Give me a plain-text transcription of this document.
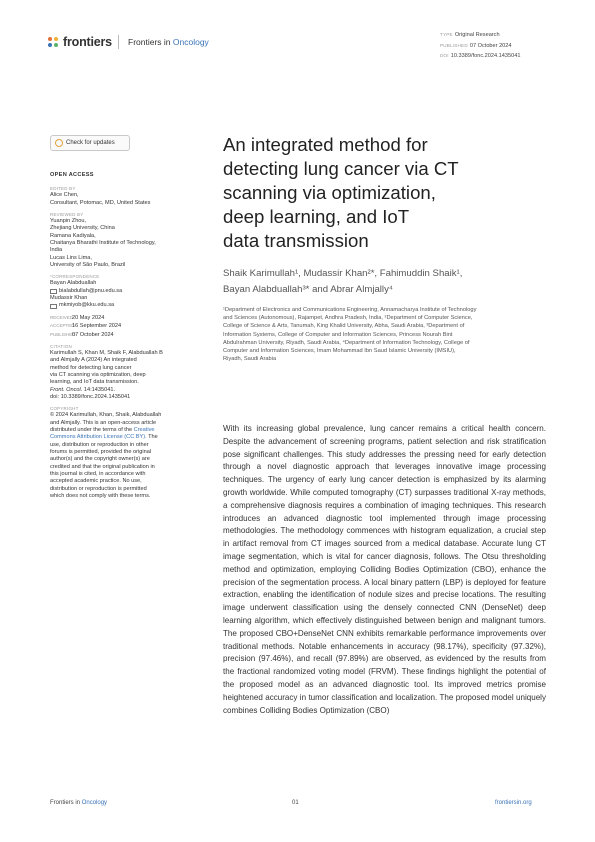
frontiers Frontiers in Oncology
TYPE Original Research
PUBLISHED 07 October 2024
DOI 10.3389/fonc.2024.1435041
Check for updates
OPEN ACCESS
EDITED BY
Alice Chen,
Consultant, Potomac, MD, United States
REVIEWED BY
Yuanpin Zhou,
Zhejiang University, China
Ramana Kadiyala,
Chaitanya Bharathi Institute of Technology,
India
Lucas Lins Lima,
University of São Paulo, Brazil
*CORRESPONDENCE
Bayan Alabduallah
bialabdullah@pnu.edu.sa
Mudassir Khan
mkmiyob@kku.edu.sa
RECEIVED20 May 2024
ACCEPTED16 September 2024
PUBLISHED07 October 2024
CITATION
Karimullah S, Khan M, Shaik F, Alabduallah B
and Almjally A (2024) An integrated
method for detecting lung cancer
via CT scanning via optimization, deep
learning, and IoT data transmission.
Front. Oncol. 14:1435041.
doi: 10.3389/fonc.2024.1435041
COPYRIGHT
© 2024 Karimullah, Khan, Shaik, Alabduallah
and Almjally. This is an open-access article
distributed under the terms of the Creative
Commons Attribution License (CC BY). The
use, distribution or reproduction in other
forums is permitted, provided the original
author(s) and the copyright owner(s) are
credited and that the original publication in
this journal is cited, in accordance with
accepted academic practice. No use,
distribution or reproduction is permitted
which does not comply with these terms.
An integrated method for
detecting lung cancer via CT
scanning via optimization,
deep learning, and IoT
data transmission
Shaik Karimullah¹, Mudassir Khan²*, Fahimuddin Shaik¹,
Bayan Alabduallah³* and Abrar Almjally⁴
¹Department of Electronics and Communications Engineering, Annamacharya Institute of Technology
and Sciences (Autonomous), Rajampet, Andhra Pradesh, India, ²Department of Computer Science,
College of Science & Arts, Tanumah, King Khalid University, Abha, Saudi Arabia, ³Department of
Information Systems, College of Computer and Information Sciences, Princess Nourah Bint
Abdulrahman University, Riyadh, Saudi Arabia, ⁴Department of Information Technology, College of
Computer and Information Sciences, Imam Mohammad Ibn Saud Islamic University (IMSIU),
Riyadh, Saudi Arabia
With its increasing global prevalence, lung cancer remains a critical health concern. Despite the advancement of screening programs, patient selection and risk stratification pose significant challenges. This study addresses the pressing need for early detection through a novel diagnostic approach that leverages innovative image processing techniques. The urgency of early lung cancer detection is emphasized by its alarming growth worldwide. While computed tomography (CT) surpasses traditional X-ray methods, a comprehensive diagnosis requires a combination of imaging techniques. This research introduces an advanced diagnostic tool implemented through image processing methodologies. The methodology commences with histogram equalization, a crucial step in artifact removal from CT images sourced from a medical database. Accurate lung CT image segmentation, which is vital for cancer diagnosis, follows. The Otsu thresholding method and optimization, employing Colliding Bodies Optimization (CBO), enhance the precision of the segmentation process. A local binary pattern (LBP) is deployed for feature extraction, enabling the identification of nodule sizes and precise locations. The resulting image underwent classification using the densely connected CNN (DenseNet) deep learning algorithm, which effectively distinguished between benign and malignant tumors. The proposed CBO+DenseNet CNN exhibits remarkable performance improvements over traditional methods. Notable enhancements in accuracy (98.17%), specificity (97.32%), precision (97.46%), and recall (97.89%) are observed, as evidenced by the results from the fractional randomized voting model (FRVM). These findings highlight the potential of the proposed model as an advanced diagnostic tool. Its improved metrics promise heightened accuracy in tumor classification and localization. The proposed model uniquely combines Colliding Bodies Optimization (CBO)
Frontiers in Oncology	01	frontiersin.org
